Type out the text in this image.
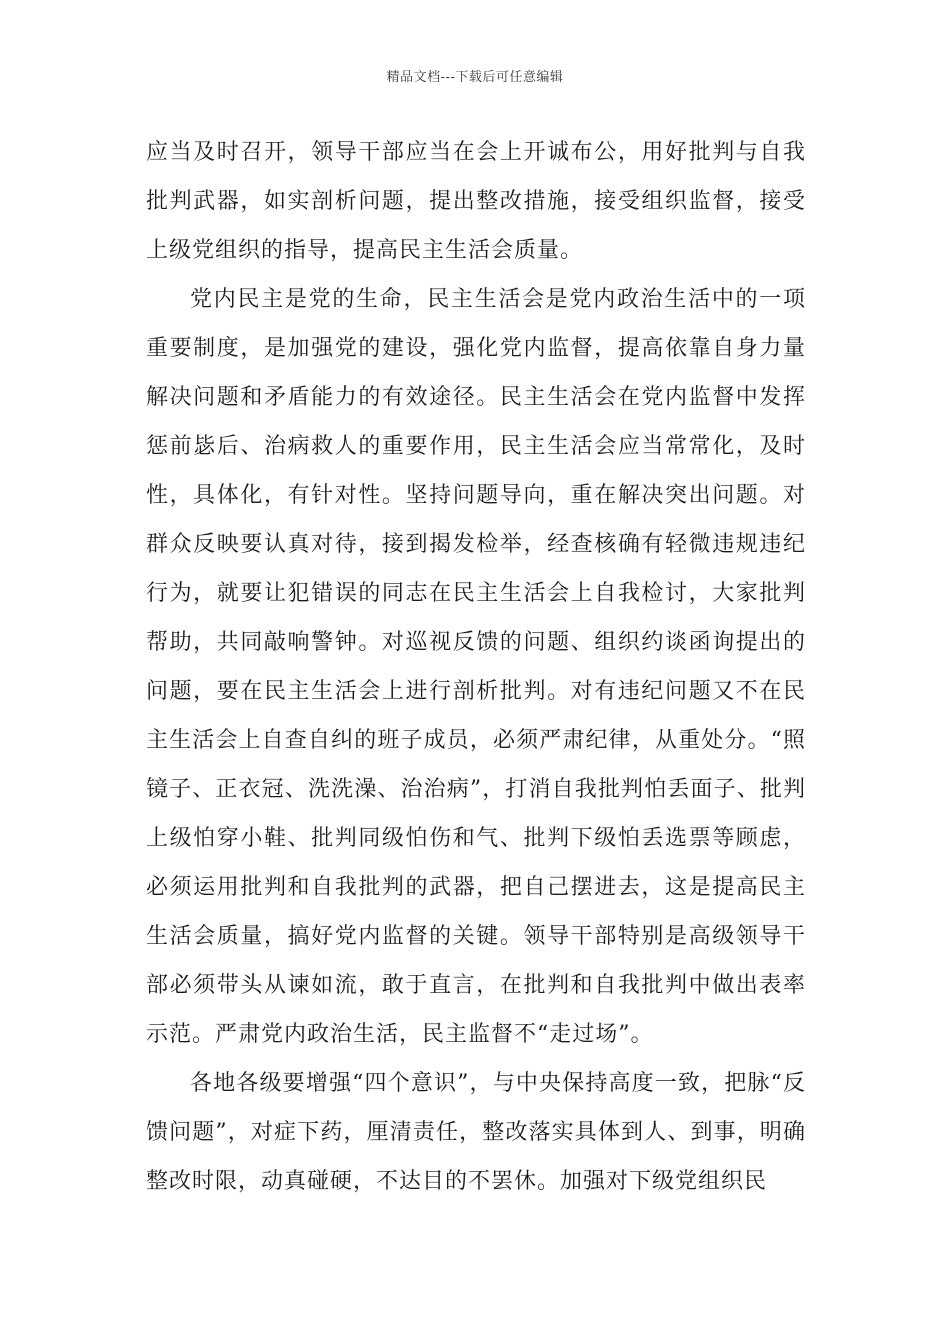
精品文档---下载后可任意编辑

应当及时召开，领导干部应当在会上开诚布公，用好批判与自我批判武器，如实剖析问题，提出整改措施，接受组织监督，接受上级党组织的指导，提高民主生活会质量。

党内民主是党的生命，民主生活会是党内政治生活中的一项重要制度，是加强党的建设，强化党内监督，提高依靠自身力量解决问题和矛盾能力的有效途径。民主生活会在党内监督中发挥惩前毖后、治病救人的重要作用，民主生活会应当常常化，及时性，具体化，有针对性。坚持问题导向，重在解决突出问题。对群众反映要认真对待，接到揭发检举，经查核确有轻微违规违纪行为，就要让犯错误的同志在民主生活会上自我检讨，大家批判帮助，共同敲响警钟。对巡视反馈的问题、组织约谈函询提出的问题，要在民主生活会上进行剖析批判。对有违纪问题又不在民主生活会上自查自纠的班子成员，必须严肃纪律，从重处分。“照镜子、正衣冠、洗洗澡、治治病”，打消自我批判怕丢面子、批判上级怕穿小鞋、批判同级怕伤和气、批判下级怕丢选票等顾虑，必须运用批判和自我批判的武器，把自己摆进去，这是提高民主生活会质量，搞好党内监督的关键。领导干部特别是高级领导干部必须带头从谏如流，敢于直言，在批判和自我批判中做出表率示范。严肃党内政治生活，民主监督不“走过场”。

各地各级要增强“四个意识”，与中央保持高度一致，把脉“反馈问题”，对症下药，厘清责任，整改落实具体到人、到事，明确整改时限，动真碰硬，不达目的不罢休。加强对下级党组织民
